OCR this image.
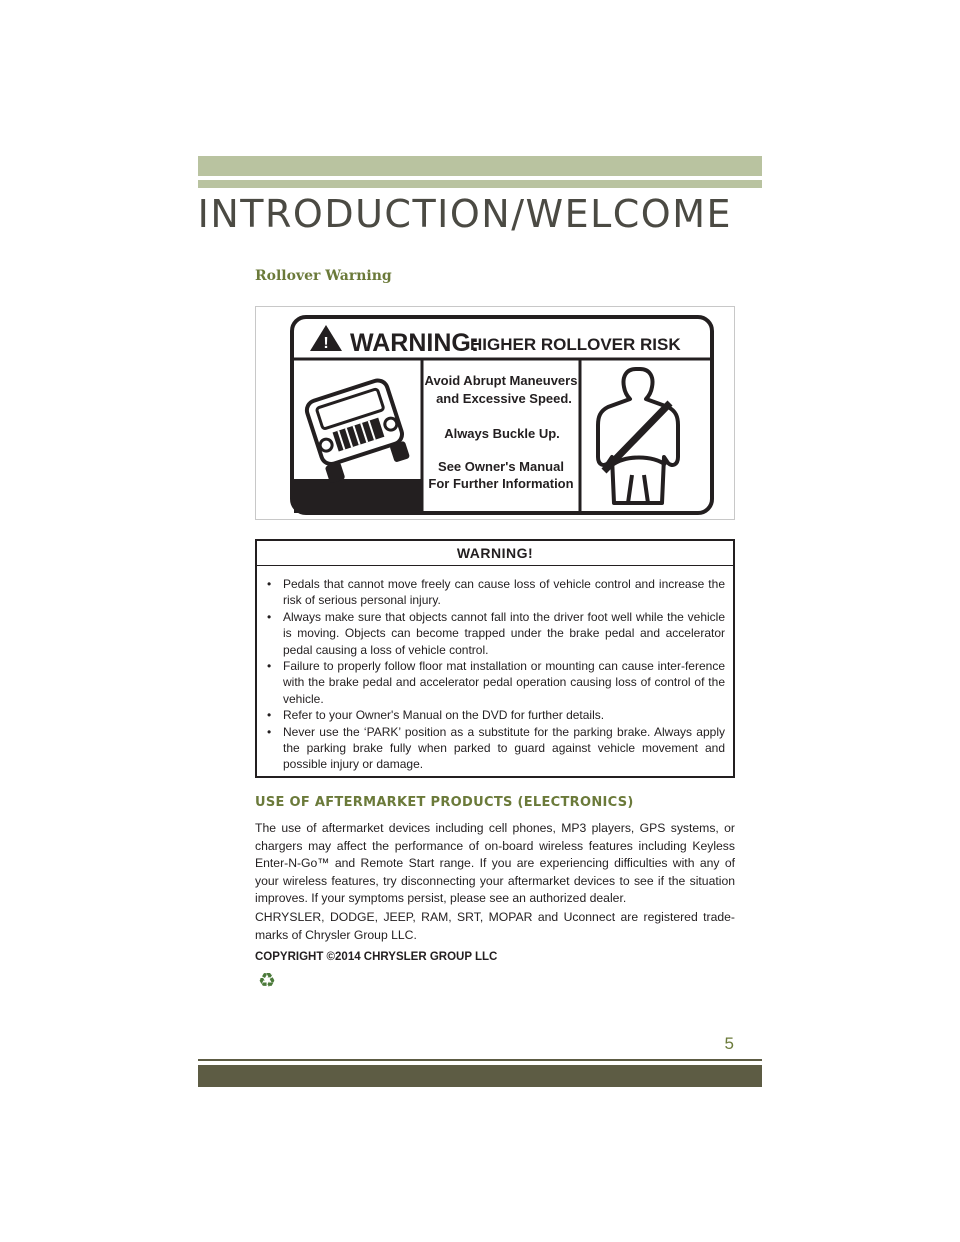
INTRODUCTION/WELCOME
Rollover Warning
! WARNING:
HIGHER ROLLOVER RISK
Avoid Abrupt Maneuvers
and Excessive Speed.
Always Buckle Up.
See Owner's Manual
For Further Information
WARNING!
• Pedals that cannot move freely can cause loss of vehicle control and increase the risk of serious personal injury.
• Always make sure that objects cannot fall into the driver foot well while the vehicle is moving. Objects can become trapped under the brake pedal and accelerator pedal causing a loss of vehicle control.
• Failure to properly follow floor mat installation or mounting can cause inter-ference with the brake pedal and accelerator pedal operation causing loss of control of the vehicle.
• Refer to your Owner's Manual on the DVD for further details.
• Never use the ‘PARK’ position as a substitute for the parking brake. Always apply the parking brake fully when parked to guard against vehicle movement and possible injury or damage.
USE OF AFTERMARKET PRODUCTS (ELECTRONICS)
The use of aftermarket devices including cell phones, MP3 players, GPS systems, or chargers may affect the performance of on-board wireless features including Keyless Enter-N-Go™ and Remote Start range. If you are experiencing difficulties with any of your wireless features, try disconnecting your aftermarket devices to see if the situation improves. If your symptoms persist, please see an authorized dealer.
CHRYSLER, DODGE, JEEP, RAM, SRT, MOPAR and Uconnect are registered trade-marks of Chrysler Group LLC.
COPYRIGHT ©2014 CHRYSLER GROUP LLC
♻
5
